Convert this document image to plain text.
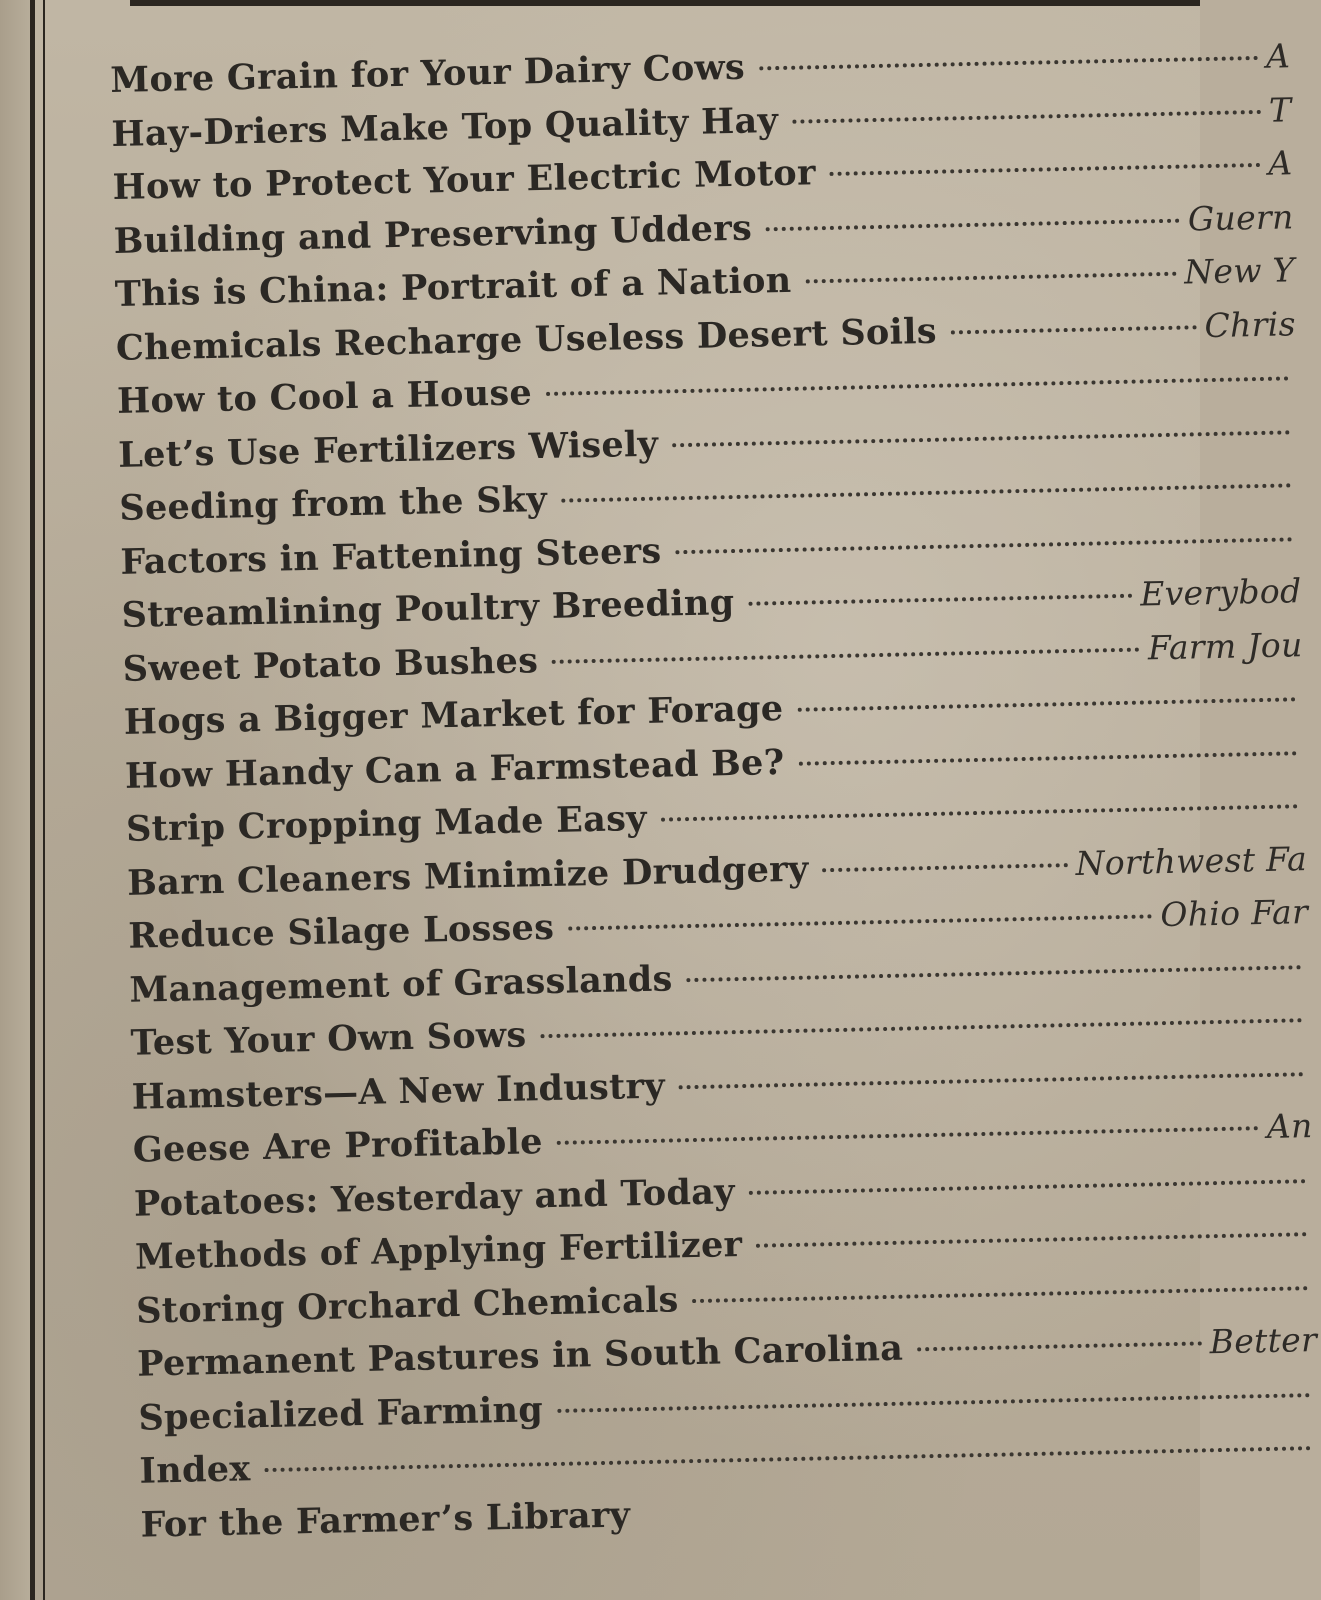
More Grain for Your Dairy Cows	A
Hay-Driers Make Top Quality Hay	T
How to Protect Your Electric Motor	A
Building and Preserving Udders	Guern
This is China: Portrait of a Nation	New Y
Chemicals Recharge Useless Desert Soils	Chris
How to Cool a House
Let’s Use Fertilizers Wisely
Seeding from the Sky
Factors in Fattening Steers
Streamlining Poultry Breeding	Everybod
Sweet Potato Bushes	Farm Jou
Hogs a Bigger Market for Forage
How Handy Can a Farmstead Be?
Strip Cropping Made Easy
Barn Cleaners Minimize Drudgery	Northwest Fa
Reduce Silage Losses	Ohio Far
Management of Grasslands
Test Your Own Sows
Hamsters—A New Industry
Geese Are Profitable	An
Potatoes: Yesterday and Today
Methods of Applying Fertilizer
Storing Orchard Chemicals
Permanent Pastures in South Carolina	Better
Specialized Farming
Index
For the Farmer’s Library
